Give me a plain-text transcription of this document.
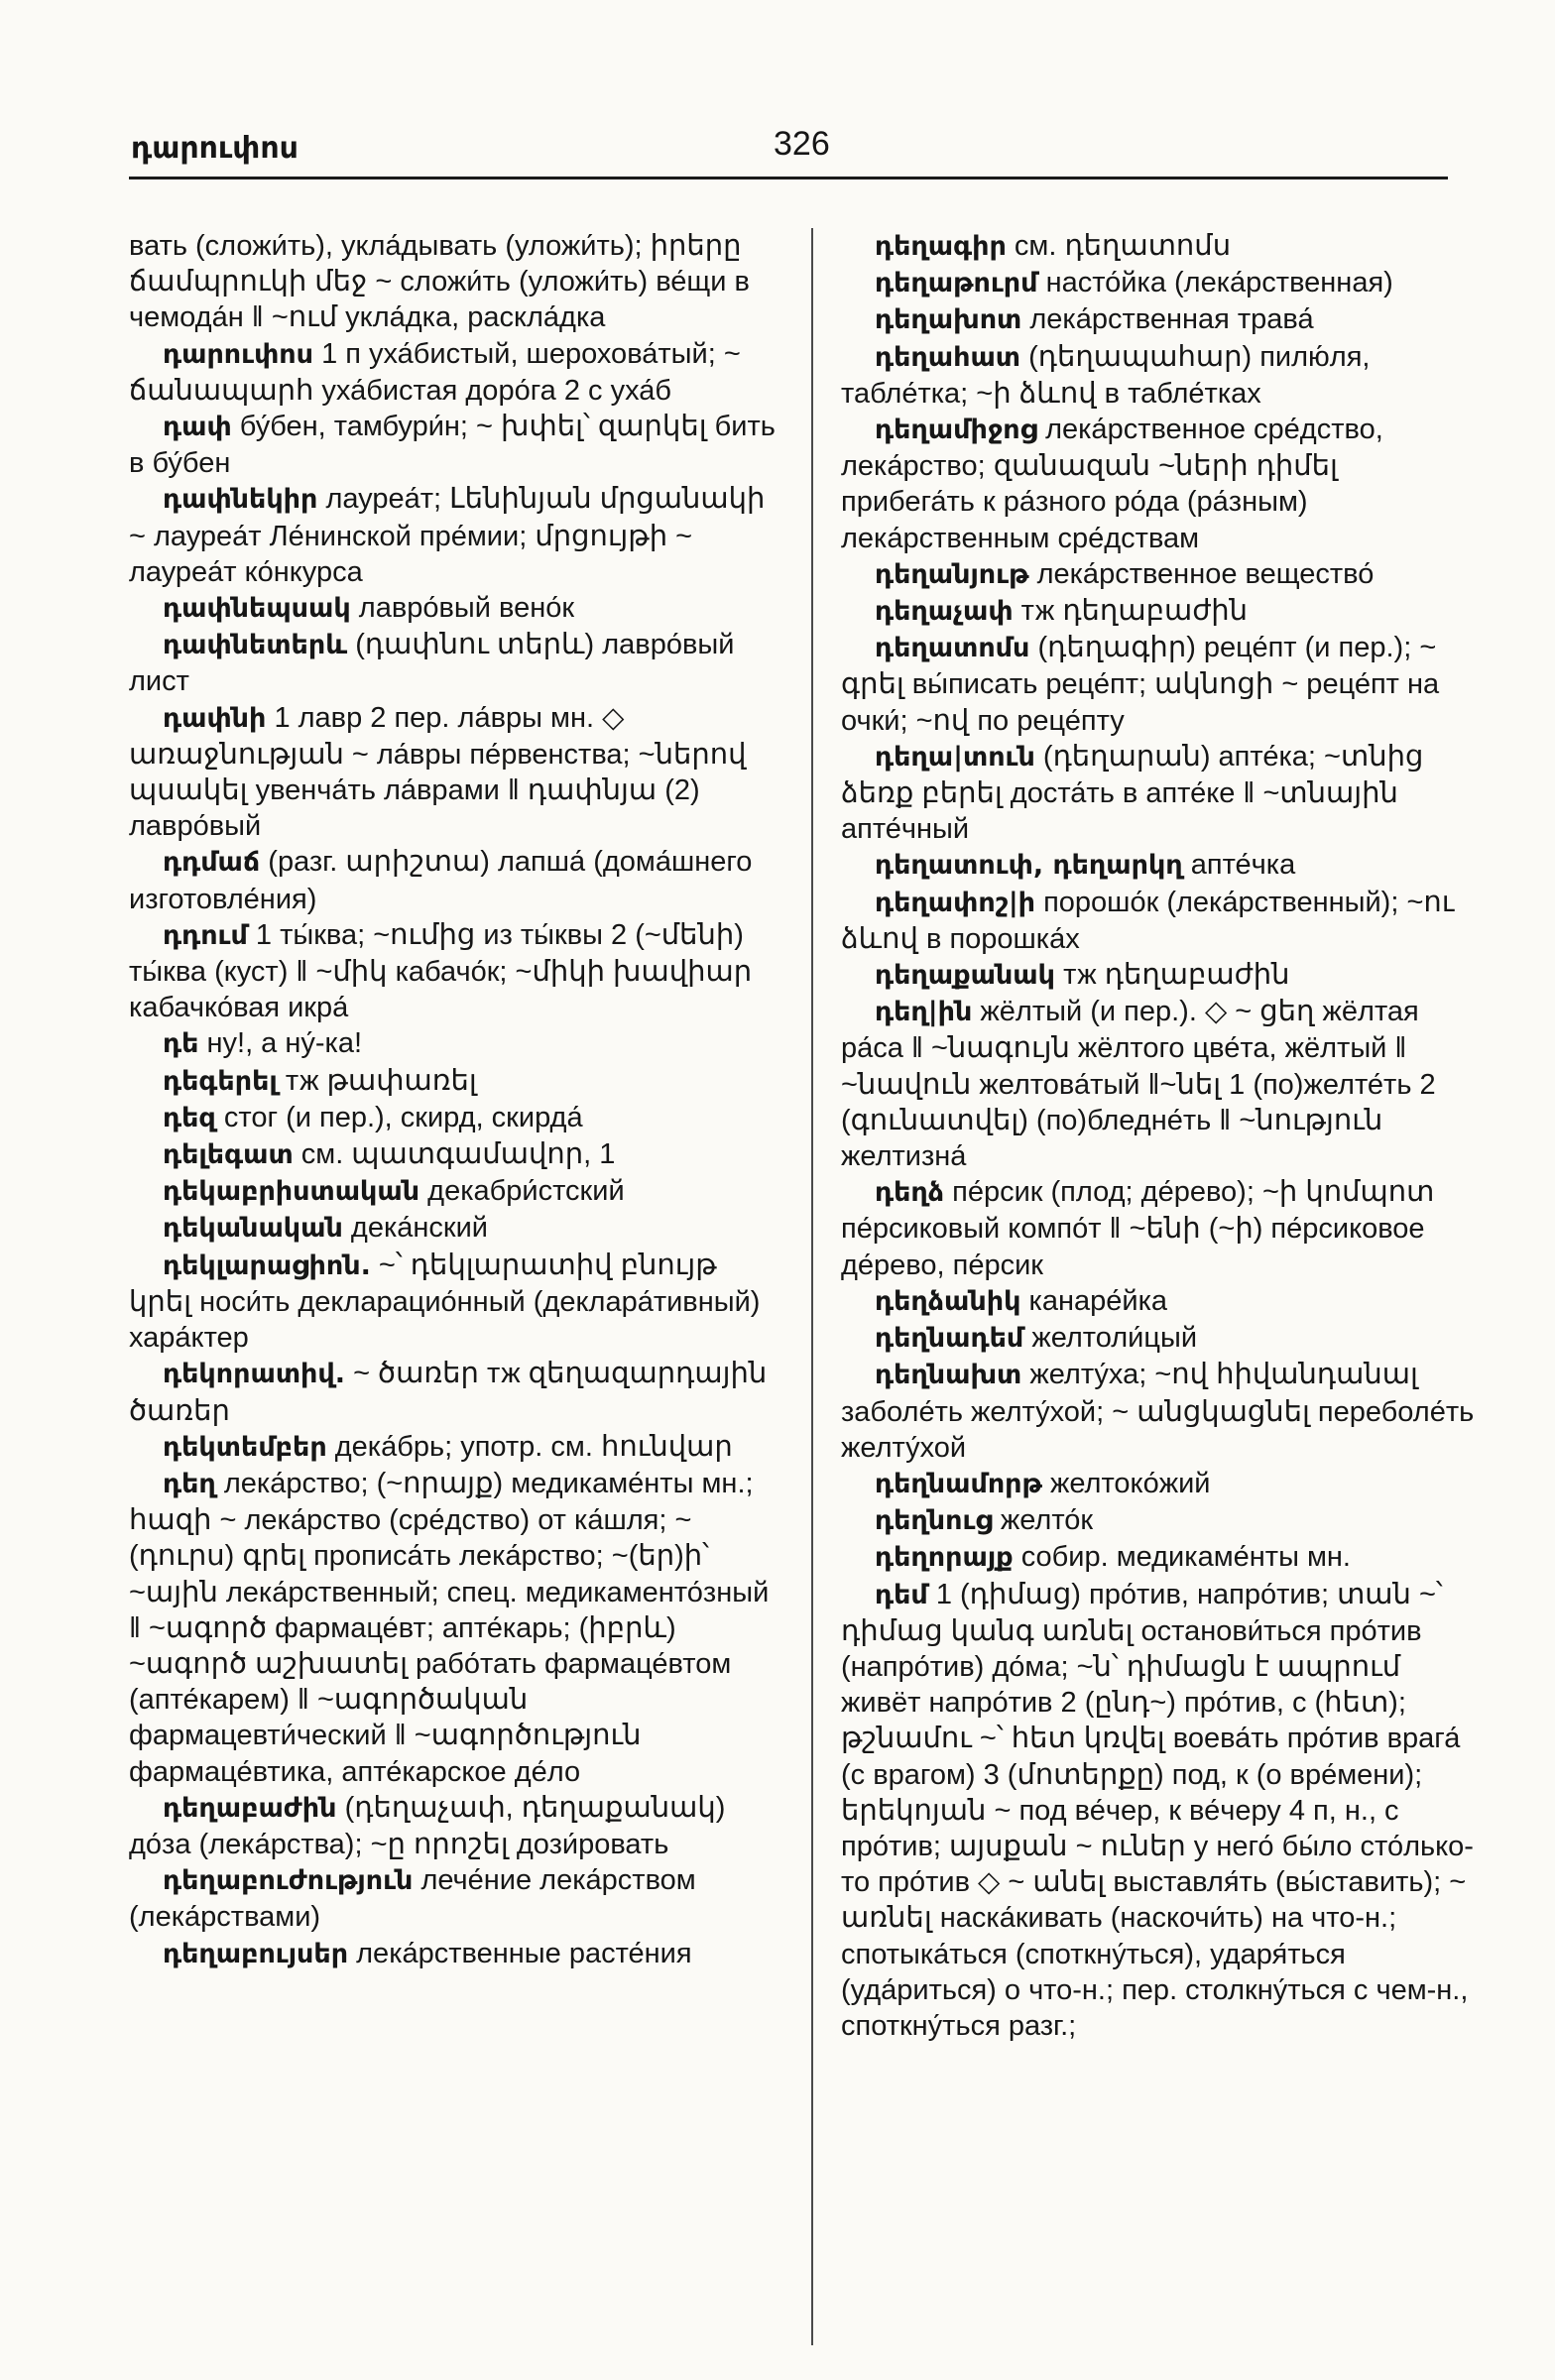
դարուփոս	326

вать (сложи́ть), укла́дывать (уложи́ть); իրերը ճամպրուկի մեջ ~ сложи́ть (уложи́ть) ве́щи в чемода́н ‖ ~ում укла́дка, раскла́дка

դարուփոս 1 п уха́бистый, шерохова́тый; ~ ճանապարհ уха́бистая доро́га 2 с уха́б

դափ бу́бен, тамбури́н; ~ խփել՝ զարկել бить в бу́бен

դափնեկիր лауреа́т; Լենինյան մրցանակի ~ лауреа́т Ле́нинской пре́мии; մրցույթի ~ лауреа́т ко́нкурса

դափնեպսակ лавро́вый вено́к

դափնետերև (դափնու տերև) лавро́вый лист

դափնի 1 лавр 2 пер. ла́вры мн. ◇ առաջնության ~ ла́вры пе́рвенства; ~ներով պսակել увенча́ть ла́врами ‖ դափնյա (2) лавро́вый

դդմաճ (разг. արիշտա) лапша́ (дома́шнего изготовле́ния)

դդում 1 ты́ква; ~ումից из ты́квы 2 (~մենի) ты́ква (куст) ‖ ~միկ кабачо́к; ~միկի խավիար кабачко́вая икра́

դե ну!, а ну́-ка!

դեգերել тж թափառել

դեզ стог (и пер.), скирд, скирда́

դելեգատ см. պատգամավոր, 1

դեկաբրիստական декабри́стский

դեկանական дека́нский

դեկլարացիոն. ~՝ դեկլարատիվ բնույթ կրել носи́ть декларацио́нный (деклара́тивный) хара́ктер

դեկորատիվ. ~ ծառեր тж զեղազարդային ծառեր

դեկտեմբեր дека́брь; употр. см. հունվար

դեղ лека́рство; (~որայք) медикаме́нты мн.; հազի ~ лека́рство (сре́дство) от ка́шля; ~ (դուրս) գրել прописа́ть лека́рство; ~(եր)ի՝ ~ային лека́рственный; спец. медикаменто́зный ‖ ~ագործ фармаце́вт; апте́карь; (իբրև) ~ագործ աշխատել рабо́тать фармаце́втом (апте́карем) ‖ ~ագործական фармацевти́ческий ‖ ~ագործություն фармаце́втика, апте́карское де́ло

դեղաբաժին (դեղաչափ, դեղաքանակ) до́за (лека́рства); ~ը որոշել дози́ровать

դեղաբուժություն лече́ние лека́рством (лека́рствами)

դեղաբույսեր лека́рственные расте́ния

դեղագիր см. դեղատոմս

դեղաթուրմ насто́йка (лека́рственная)

դեղախոտ лека́рственная трава́

դեղահատ (դեղապահար) пилю́ля, табле́тка; ~ի ձևով в табле́тках

դեղամիջոց лека́рственное сре́дство, лека́рство; զանազան ~ների դիմել прибега́ть к ра́зного ро́да (ра́зным) лека́рственным сре́дствам

դեղանյութ лека́рственное вещество́

դեղաչափ тж դեղաբաժին

դեղատոմս (դեղագիր) реце́пт (и пер.); ~ գրել вы́писать реце́пт; ակնոցի ~ реце́пт на очки́; ~ով по реце́пту

դեղա|տուն (դեղարան) апте́ка; ~տնից ձեռք բերել доста́ть в апте́ке ‖ ~տնային апте́чный

դեղատուփ, դեղարկղ апте́чка

դեղափոշ|ի порошо́к (лека́рственный); ~ու ձևով в порошка́х

դեղաքանակ тж դեղաբաժին

դեղ|ին жёлтый (и пер.). ◇ ~ ցեղ жёлтая ра́са ‖ ~նագույն жёлтого цве́та, жёлтый ‖ ~նավուն желтова́тый ‖~նել 1 (по)желте́ть 2 (գունատվել) (по)бледне́ть ‖ ~նություն желтизна́

դեղձ пе́рсик (плод; де́рево); ~ի կոմպոտ пе́рсиковый компо́т ‖ ~ենի (~ի) пе́рсиковое де́рево, пе́рсик

դեղձանիկ канаре́йка

դեղնադեմ желтоли́цый

դեղնախտ желту́ха; ~ով հիվանդանալ заболе́ть желту́хой; ~ անցկացնել переболе́ть желту́хой

դեղնամորթ желтоко́жий

դեղնուց желто́к

դեղորայք собир. медикаме́нты мн.

դեմ 1 (դիմաց) про́тив, напро́тив; տան ~՝ դիմաց կանգ առնել останови́ться про́тив (напро́тив) до́ма; ~ն՝ դիմացն է ապրում живёт напро́тив 2 (ընդ~) про́тив, с (հետ); թշնամու ~՝ հետ կռվել воева́ть про́тив врага́ (с врагом) 3 (մոտերքը) под, к (о вре́мени); երեկոյան ~ под ве́чер, к ве́черу 4 п, н., с про́тив; այսքան ~ ուներ у него́ бы́ло сто́лько-то про́тив ◇ ~ անել выставля́ть (вы́ставить); ~ առնել наска́кивать (наскочи́ть) на что-н.; спотыка́ться (споткну́ться), ударя́ться (уда́риться) о что-н.; пер. столкну́ться с чем-н., споткну́ться разг.;
